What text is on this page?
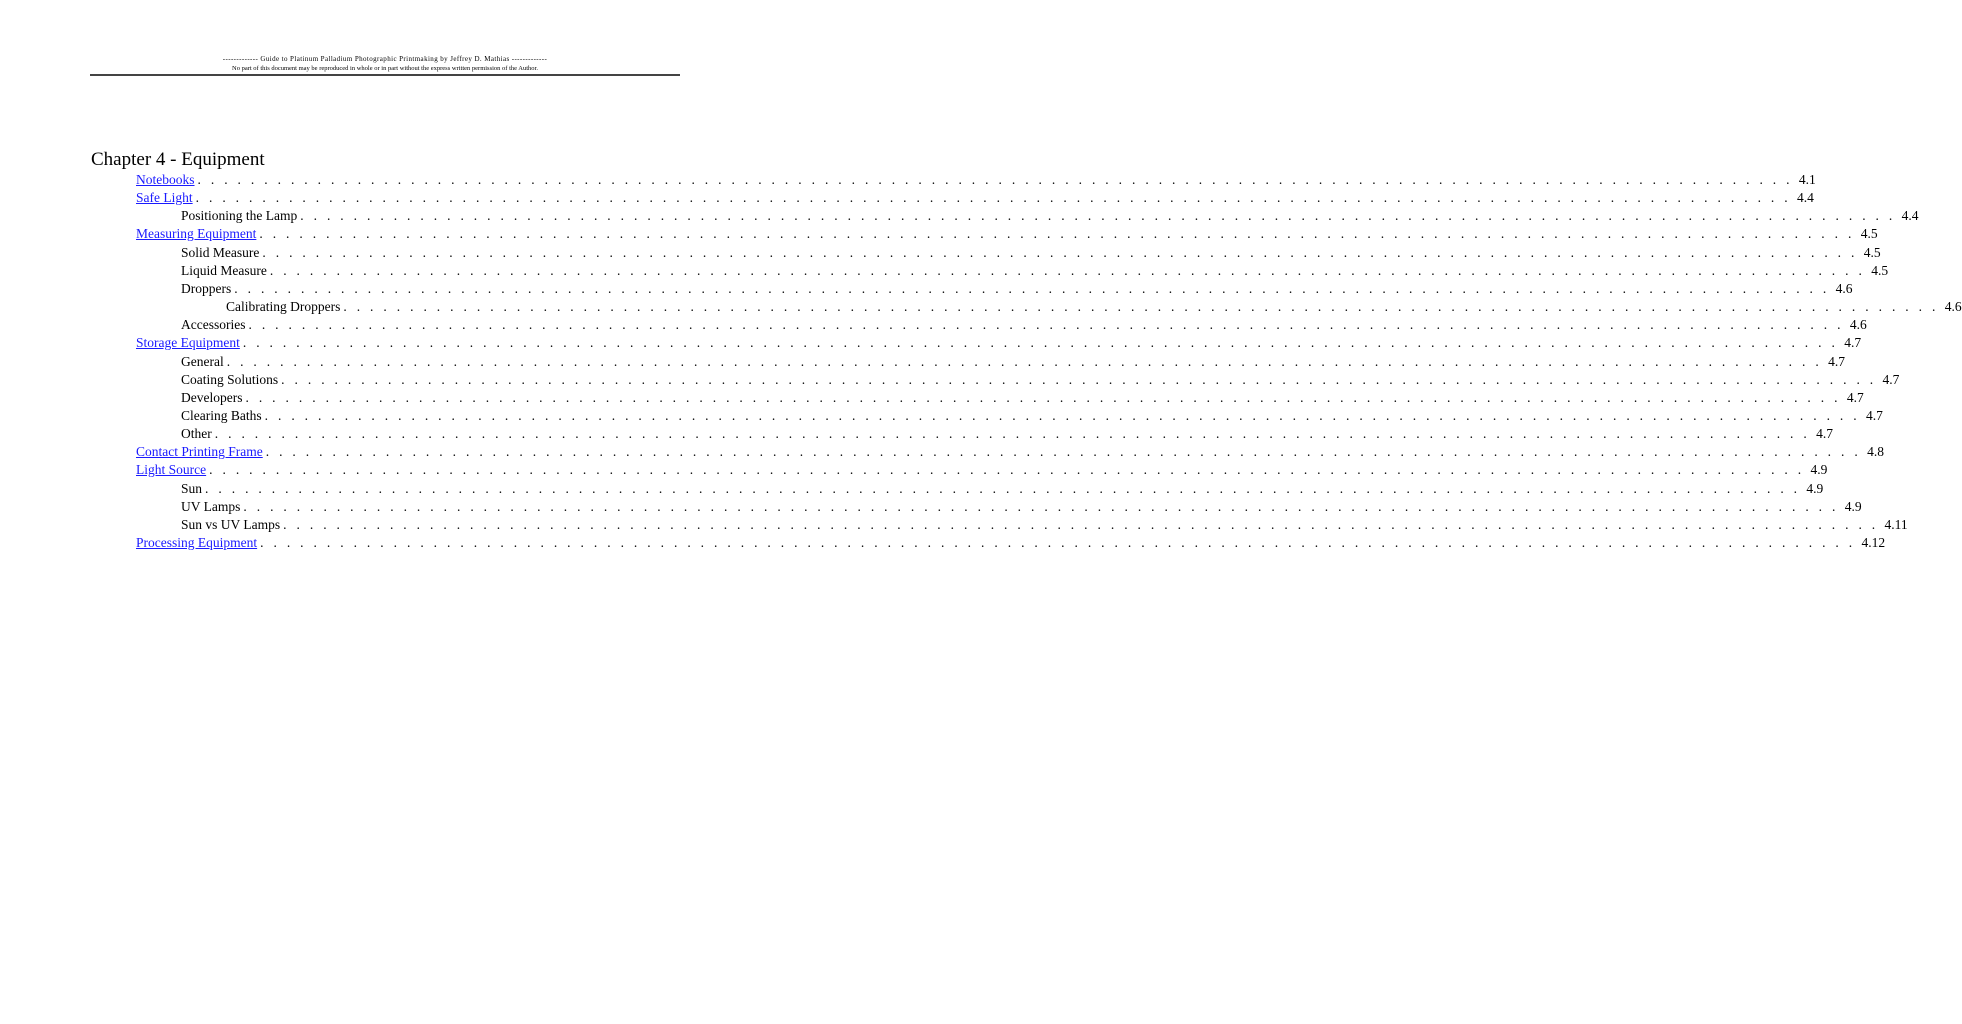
------------- Guide to Platinum Palladium Photographic Printmaking by Jeffrey D. Mathias -------------
No part of this document may be reproduced in whole or in part without the express written permission of the Author.
Chapter 4 - Equipment
Notebooks . . . . . . . . . . . . . . . . . . . . . . . . . . . . . . . . . . . . . . . . . . . . . . . . . . . . . . . . . . . . . . . . . . . . . . . . . . . . . . . . . . . . . . . . . . . . . . . . . . . . . . . . . . . . . . . . . . . . . . . . 4.1
Safe Light . . . . . . . . . . . . . . . . . . . . . . . . . . . . . . . . . . . . . . . . . . . . . . . . . . . . . . . . . . . . . . . . . . . . . . . . . . . . . . . . . . . . . . . . . . . . . . . . . . . . . . . . . . . . . . . . . . . . . . . . 4.4
Positioning the Lamp . . . . . . . . . . . . . . . . . . . . . . . . . . . . . . . . . . . . . . . . . . . . . . . . . . . . . . . . . . . . . . . . . . . . . . . . . . . . . . . . . . . . . . . . . . . . . . . . . . . . . . . . . . . . . . . . . . . . . . . . 4.4
Measuring Equipment . . . . . . . . . . . . . . . . . . . . . . . . . . . . . . . . . . . . . . . . . . . . . . . . . . . . . . . . . . . . . . . . . . . . . . . . . . . . . . . . . . . . . . . . . . . . . . . . . . . . . . . . . . . . . . . . . . . . . . . . 4.5
Solid Measure . . . . . . . . . . . . . . . . . . . . . . . . . . . . . . . . . . . . . . . . . . . . . . . . . . . . . . . . . . . . . . . . . . . . . . . . . . . . . . . . . . . . . . . . . . . . . . . . . . . . . . . . . . . . . . . . . . . . . . . . 4.5
Liquid Measure . . . . . . . . . . . . . . . . . . . . . . . . . . . . . . . . . . . . . . . . . . . . . . . . . . . . . . . . . . . . . . . . . . . . . . . . . . . . . . . . . . . . . . . . . . . . . . . . . . . . . . . . . . . . . . . . . . . . . . . . 4.5
Droppers . . . . . . . . . . . . . . . . . . . . . . . . . . . . . . . . . . . . . . . . . . . . . . . . . . . . . . . . . . . . . . . . . . . . . . . . . . . . . . . . . . . . . . . . . . . . . . . . . . . . . . . . . . . . . . . . . . . . . . . . 4.6
Calibrating Droppers . . . . . . . . . . . . . . . . . . . . . . . . . . . . . . . . . . . . . . . . . . . . . . . . . . . . . . . . . . . . . . . . . . . . . . . . . . . . . . . . . . . . . . . . . . . . . . . . . . . . . . . . . . . . . . . . . . . . . . . . 4.6
Accessories . . . . . . . . . . . . . . . . . . . . . . . . . . . . . . . . . . . . . . . . . . . . . . . . . . . . . . . . . . . . . . . . . . . . . . . . . . . . . . . . . . . . . . . . . . . . . . . . . . . . . . . . . . . . . . . . . . . . . . . . 4.6
Storage Equipment . . . . . . . . . . . . . . . . . . . . . . . . . . . . . . . . . . . . . . . . . . . . . . . . . . . . . . . . . . . . . . . . . . . . . . . . . . . . . . . . . . . . . . . . . . . . . . . . . . . . . . . . . . . . . . . . . . . . . . . . 4.7
General . . . . . . . . . . . . . . . . . . . . . . . . . . . . . . . . . . . . . . . . . . . . . . . . . . . . . . . . . . . . . . . . . . . . . . . . . . . . . . . . . . . . . . . . . . . . . . . . . . . . . . . . . . . . . . . . . . . . . . . . 4.7
Coating Solutions . . . . . . . . . . . . . . . . . . . . . . . . . . . . . . . . . . . . . . . . . . . . . . . . . . . . . . . . . . . . . . . . . . . . . . . . . . . . . . . . . . . . . . . . . . . . . . . . . . . . . . . . . . . . . . . . . . . . . . . . 4.7
Developers . . . . . . . . . . . . . . . . . . . . . . . . . . . . . . . . . . . . . . . . . . . . . . . . . . . . . . . . . . . . . . . . . . . . . . . . . . . . . . . . . . . . . . . . . . . . . . . . . . . . . . . . . . . . . . . . . . . . . . . . 4.7
Clearing Baths . . . . . . . . . . . . . . . . . . . . . . . . . . . . . . . . . . . . . . . . . . . . . . . . . . . . . . . . . . . . . . . . . . . . . . . . . . . . . . . . . . . . . . . . . . . . . . . . . . . . . . . . . . . . . . . . . . . . . . . . 4.7
Other . . . . . . . . . . . . . . . . . . . . . . . . . . . . . . . . . . . . . . . . . . . . . . . . . . . . . . . . . . . . . . . . . . . . . . . . . . . . . . . . . . . . . . . . . . . . . . . . . . . . . . . . . . . . . . . . . . . . . . . . 4.7
Contact Printing Frame . . . . . . . . . . . . . . . . . . . . . . . . . . . . . . . . . . . . . . . . . . . . . . . . . . . . . . . . . . . . . . . . . . . . . . . . . . . . . . . . . . . . . . . . . . . . . . . . . . . . . . . . . . . . . . . . . . . . . . . . 4.8
Light Source . . . . . . . . . . . . . . . . . . . . . . . . . . . . . . . . . . . . . . . . . . . . . . . . . . . . . . . . . . . . . . . . . . . . . . . . . . . . . . . . . . . . . . . . . . . . . . . . . . . . . . . . . . . . . . . . . . . . . . . . 4.9
Sun . . . . . . . . . . . . . . . . . . . . . . . . . . . . . . . . . . . . . . . . . . . . . . . . . . . . . . . . . . . . . . . . . . . . . . . . . . . . . . . . . . . . . . . . . . . . . . . . . . . . . . . . . . . . . . . . . . . . . . . . 4.9
UV Lamps . . . . . . . . . . . . . . . . . . . . . . . . . . . . . . . . . . . . . . . . . . . . . . . . . . . . . . . . . . . . . . . . . . . . . . . . . . . . . . . . . . . . . . . . . . . . . . . . . . . . . . . . . . . . . . . . . . . . . . . . 4.9
Sun vs UV Lamps . . . . . . . . . . . . . . . . . . . . . . . . . . . . . . . . . . . . . . . . . . . . . . . . . . . . . . . . . . . . . . . . . . . . . . . . . . . . . . . . . . . . . . . . . . . . . . . . . . . . . . . . . . . . . . . . . . . . . . . . 4.11
Processing Equipment . . . . . . . . . . . . . . . . . . . . . . . . . . . . . . . . . . . . . . . . . . . . . . . . . . . . . . . . . . . . . . . . . . . . . . . . . . . . . . . . . . . . . . . . . . . . . . . . . . . . . . . . . . . . . . . . . . . . . . . . 4.12
